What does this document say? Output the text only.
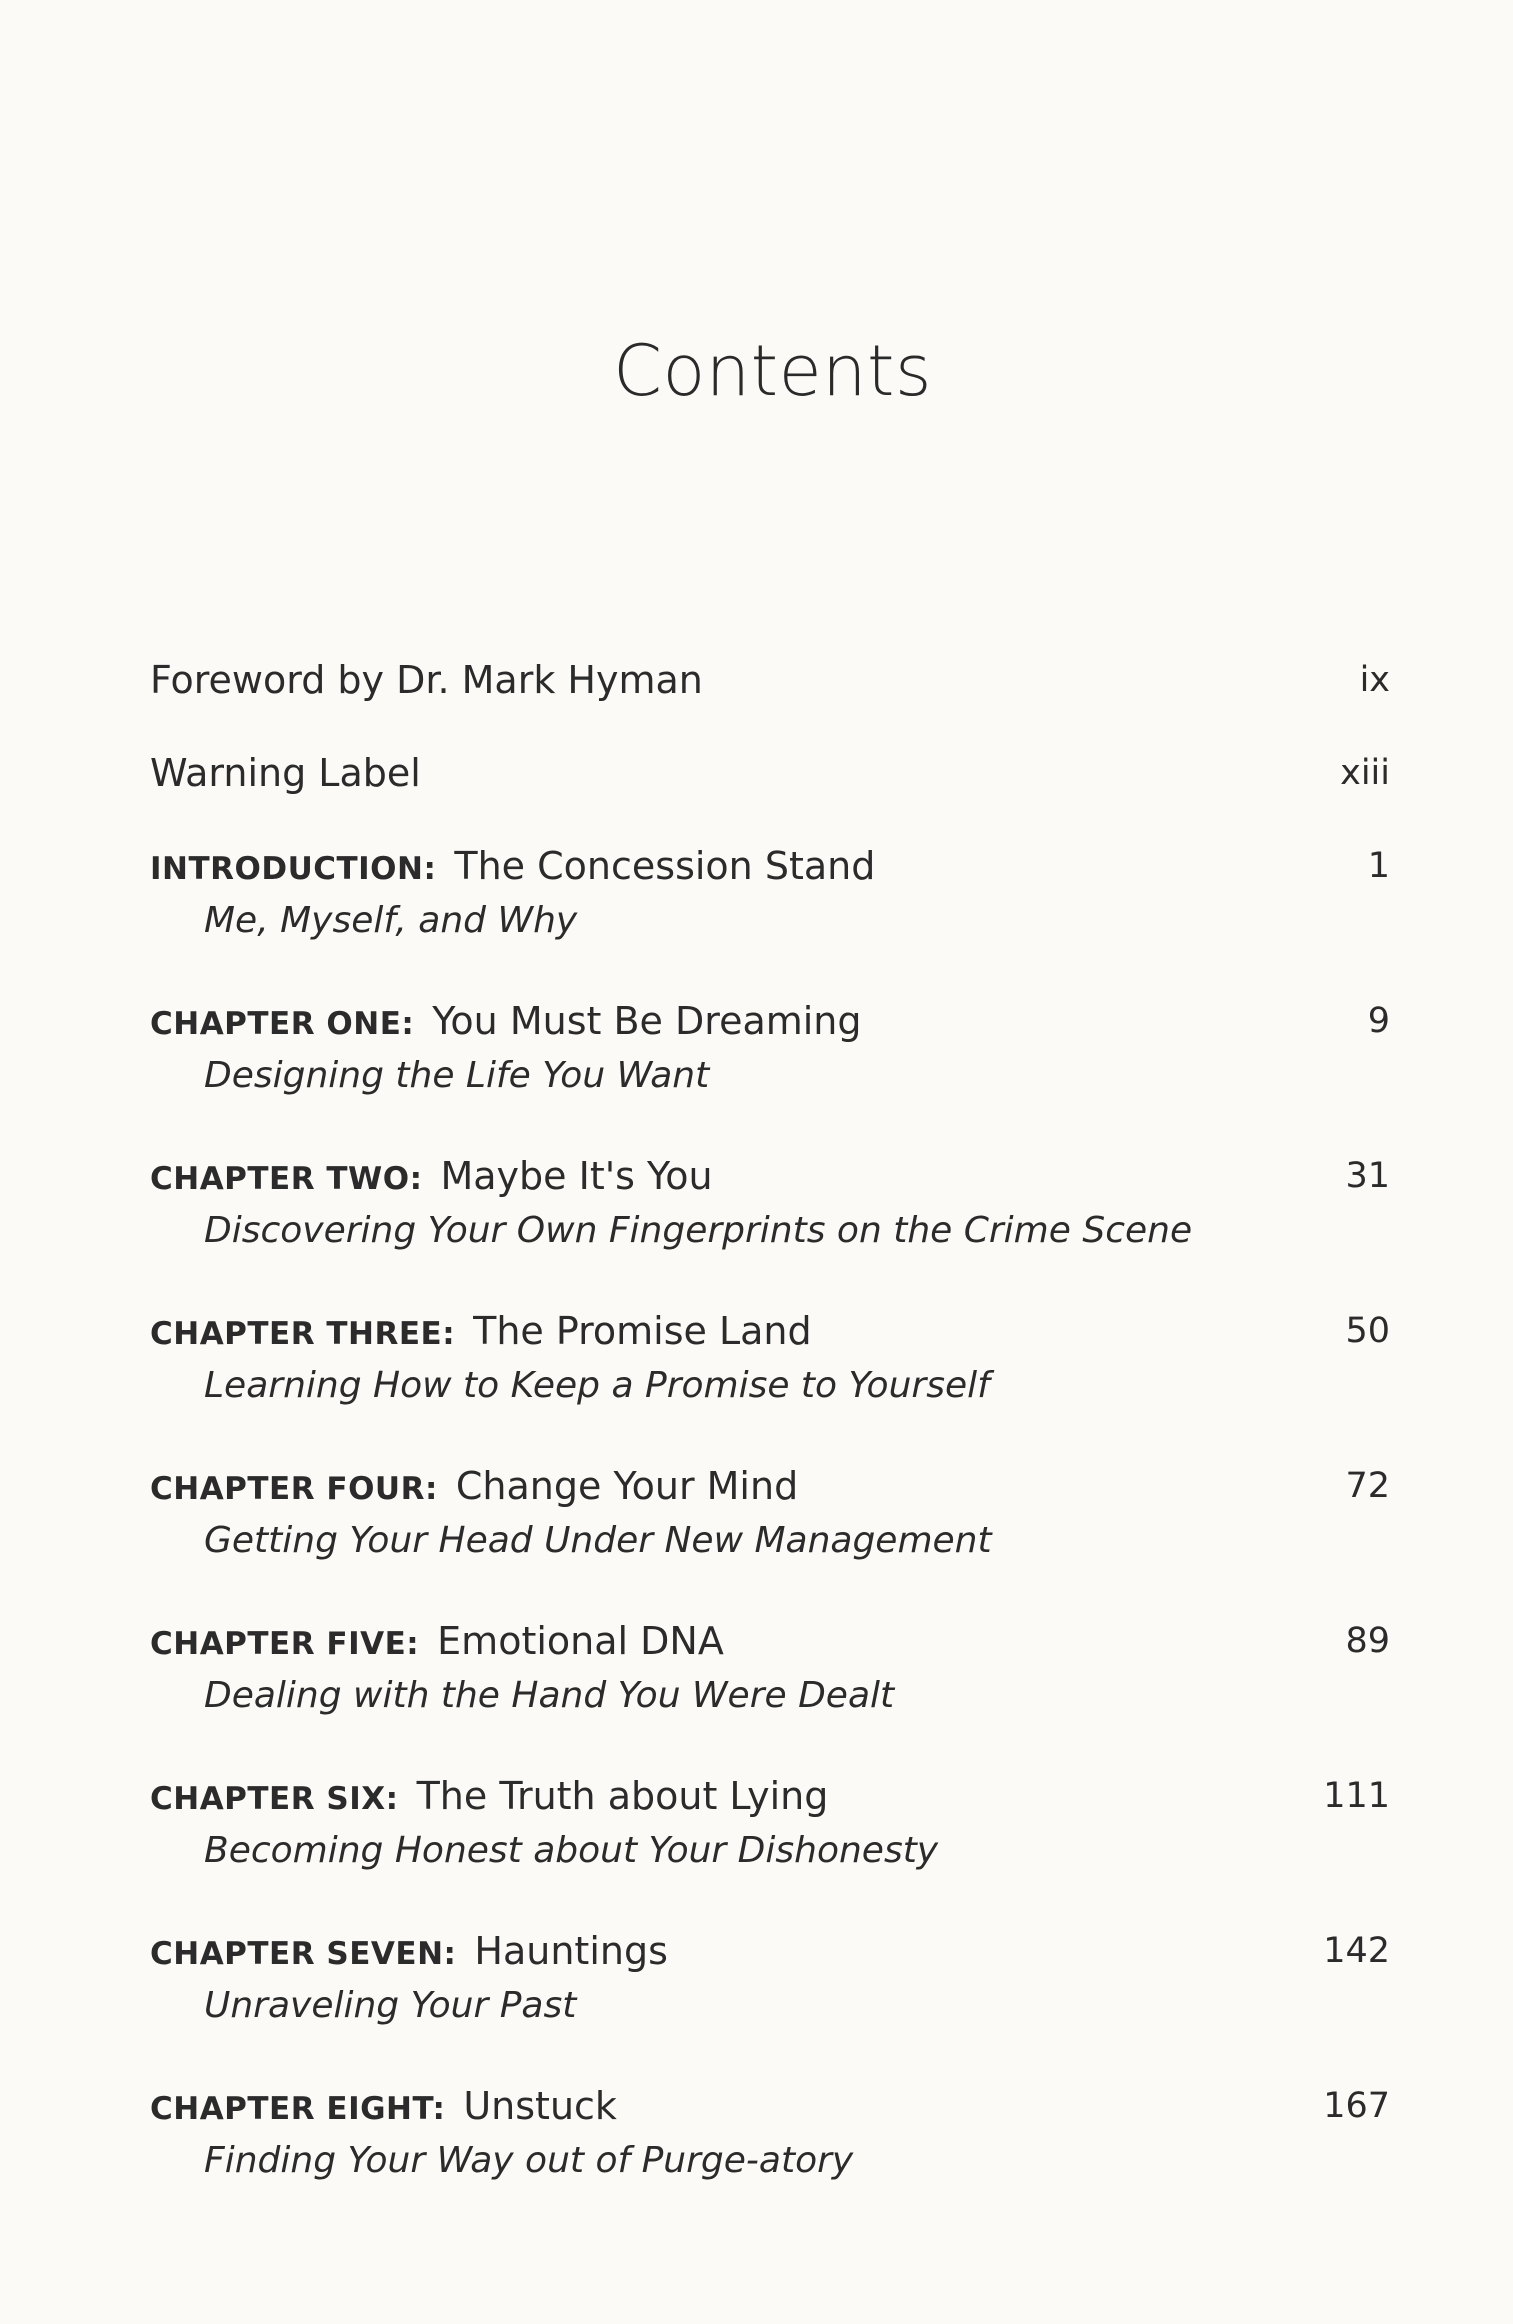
Contents
Foreword by Dr. Mark Hyman	ix
Warning Label	xiii
INTRODUCTION: The Concession Stand	1
Me, Myself, and Why
CHAPTER ONE: You Must Be Dreaming	9
Designing the Life You Want
CHAPTER TWO: Maybe It's You	31
Discovering Your Own Fingerprints on the Crime Scene
CHAPTER THREE: The Promise Land	50
Learning How to Keep a Promise to Yourself
CHAPTER FOUR: Change Your Mind	72
Getting Your Head Under New Management
CHAPTER FIVE: Emotional DNA	89
Dealing with the Hand You Were Dealt
CHAPTER SIX: The Truth about Lying	111
Becoming Honest about Your Dishonesty
CHAPTER SEVEN: Hauntings	142
Unraveling Your Past
CHAPTER EIGHT: Unstuck	167
Finding Your Way out of Purge-atory
